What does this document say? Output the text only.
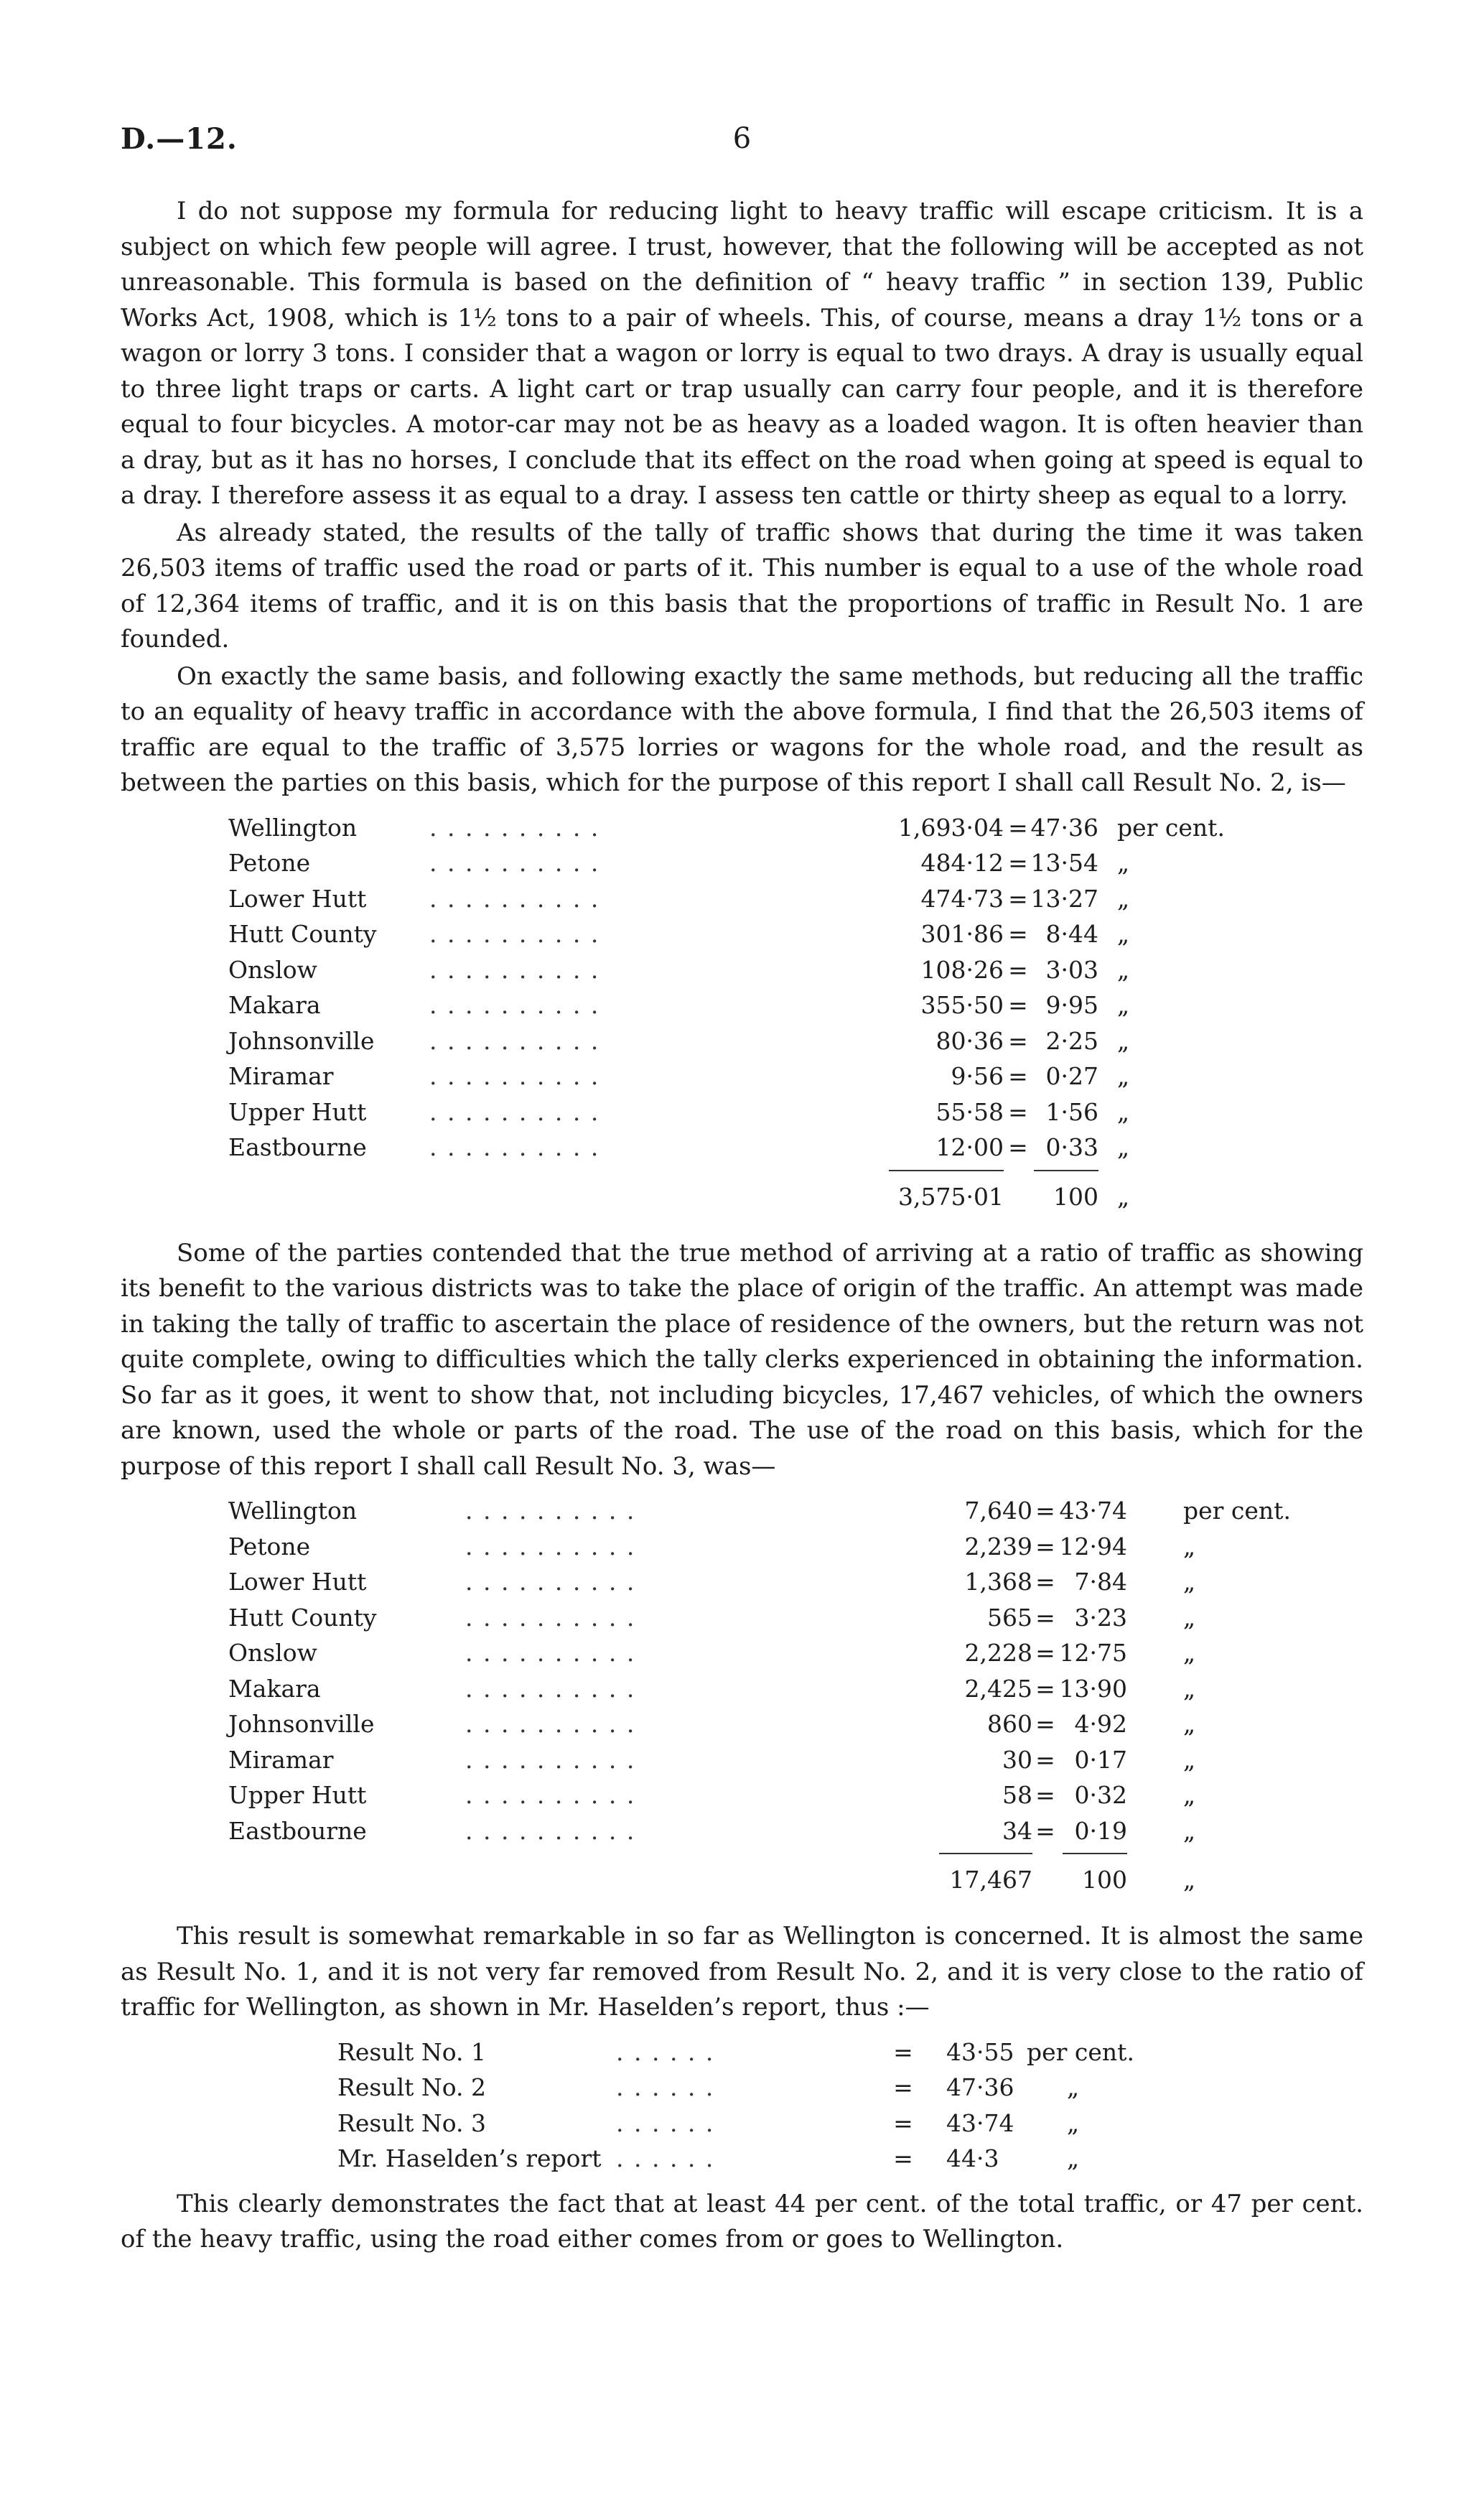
D.—12.	6

I do not suppose my formula for reducing light to heavy traffic will escape criticism. It is a subject on which few people will agree. I trust, however, that the following will be accepted as not unreasonable. This formula is based on the definition of “ heavy traffic ” in section 139, Public Works Act, 1908, which is 1½ tons to a pair of wheels. This, of course, means a dray 1½ tons or a wagon or lorry 3 tons. I consider that a wagon or lorry is equal to two drays. A dray is usually equal to three light traps or carts. A light cart or trap usually can carry four people, and it is therefore equal to four bicycles. A motor-car may not be as heavy as a loaded wagon. It is often heavier than a dray, but as it has no horses, I conclude that its effect on the road when going at speed is equal to a dray. I therefore assess it as equal to a dray. I assess ten cattle or thirty sheep as equal to a lorry.

As already stated, the results of the tally of traffic shows that during the time it was taken 26,503 items of traffic used the road or parts of it. This number is equal to a use of the whole road of 12,364 items of traffic, and it is on this basis that the proportions of traffic in Result No. 1 are founded.

On exactly the same basis, and following exactly the same methods, but reducing all the traffic to an equality of heavy traffic in accordance with the above formula, I find that the 26,503 items of traffic are equal to the traffic of 3,575 lorries or wagons for the whole road, and the result as between the parties on this basis, which for the purpose of this report I shall call Result No. 2, is—

Wellington	. . . . . . . . . .	1,693·04 = 47·36 per cent.
Petone	. . . . . . . . . .	484·12 = 13·54 „
Lower Hutt	. . . . . . . . . .	474·73 = 13·27 „
Hutt County . . . . . . . . . .	301·86 = 8·44 „
Onslow	. . . . . . . . . .	108·26 = 3·03 „
Makara	. . . . . . . . . .	355·50 = 9·95 „
Johnsonville . . . . . . . . . .	80·36 = 2·25 „
Miramar	. . . . . . . . . .	9·56 = 0·27 „
Upper Hutt	. . . . . . . . . .	55·58 = 1·56 „
Eastbourne	. . . . . . . . . .	12·00 = 0·33 „
3,575·01	100 „

Some of the parties contended that the true method of arriving at a ratio of traffic as showing its benefit to the various districts was to take the place of origin of the traffic. An attempt was made in taking the tally of traffic to ascertain the place of residence of the owners, but the return was not quite complete, owing to difficulties which the tally clerks experienced in obtaining the information. So far as it goes, it went to show that, not including bicycles, 17,467 vehicles, of which the owners are known, used the whole or parts of the road. The use of the road on this basis, which for the purpose of this report I shall call Result No. 3, was—

Wellington	. . . . . . . . . .	7,640 = 43·74 per cent.
Petone	. . . . . . . . . .	2,239 = 12·94 „
Lower Hutt	. . . . . . . . . .	1,368 = 7·84 „
Hutt County	. . . . . . . . . .	565 = 3·23 „
Onslow	. . . . . . . . . .	2,228 = 12·75 „
Makara	. . . . . . . . . .	2,425 = 13·90 „
Johnsonville	. . . . . . . . . .	860 = 4·92 „
Miramar	. . . . . . . . . .	30 = 0·17 „
Upper Hutt	. . . . . . . . . .	58 = 0·32 „
Eastbourne	. . . . . . . . . .	34 = 0·19 „
17,467	100 „

This result is somewhat remarkable in so far as Wellington is concerned. It is almost the same as Result No. 1, and it is not very far removed from Result No. 2, and it is very close to the ratio of traffic for Wellington, as shown in Mr. Haselden’s report, thus :—

Result No. 1	. . . . . .	= 43·55 per cent.
Result No. 2	. . . . . .	= 47·36 „
Result No. 3	. . . . . .	= 43·74 „
Mr. Haselden’s report . . . . . .	= 44·3	„

This clearly demonstrates the fact that at least 44 per cent. of the total traffic, or 47 per cent. of the heavy traffic, using the road either comes from or goes to Wellington.
